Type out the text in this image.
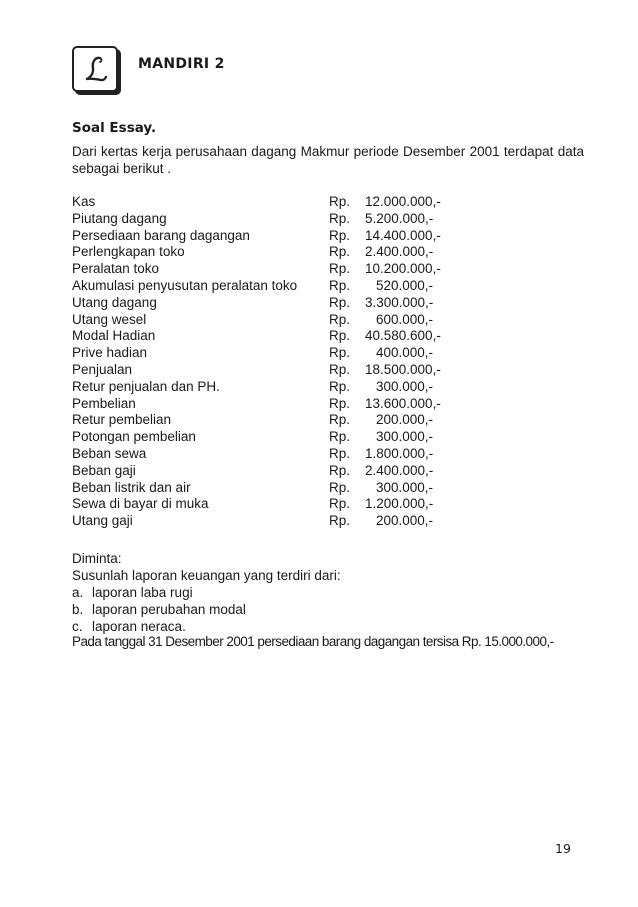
MANDIRI 2
Soal Essay.
Dari kertas kerja perusahaan dagang Makmur periode Desember 2001 terdapat data sebagai berikut .
Kas	Rp.	12.000.000,-
Piutang dagang	Rp.	5.200.000,-
Persediaan barang dagangan	Rp.	14.400.000,-
Perlengkapan toko	Rp.	2.400.000,-
Peralatan toko	Rp.	10.200.000,-
Akumulasi penyusutan peralatan toko	Rp.	520.000,-
Utang dagang	Rp.	3.300.000,-
Utang wesel	Rp.	600.000,-
Modal Hadian	Rp.	40.580.600,-
Prive hadian	Rp.	400.000,-
Penjualan	Rp.	18.500.000,-
Retur penjualan dan PH.	Rp.	300.000,-
Pembelian	Rp.	13.600.000,-
Retur pembelian	Rp.	200.000,-
Potongan pembelian	Rp.	300.000,-
Beban sewa	Rp.	1.800.000,-
Beban gaji	Rp.	2.400.000,-
Beban listrik dan air	Rp.	300.000,-
Sewa di bayar di muka	Rp.	1.200.000,-
Utang gaji	Rp.	200.000,-
Diminta:
Susunlah laporan keuangan yang terdiri dari:
a. laporan laba rugi
b. laporan perubahan modal
c. laporan neraca.
Pada tanggal 31 Desember 2001 persediaan barang dagangan tersisa Rp. 15.000.000,-
19
